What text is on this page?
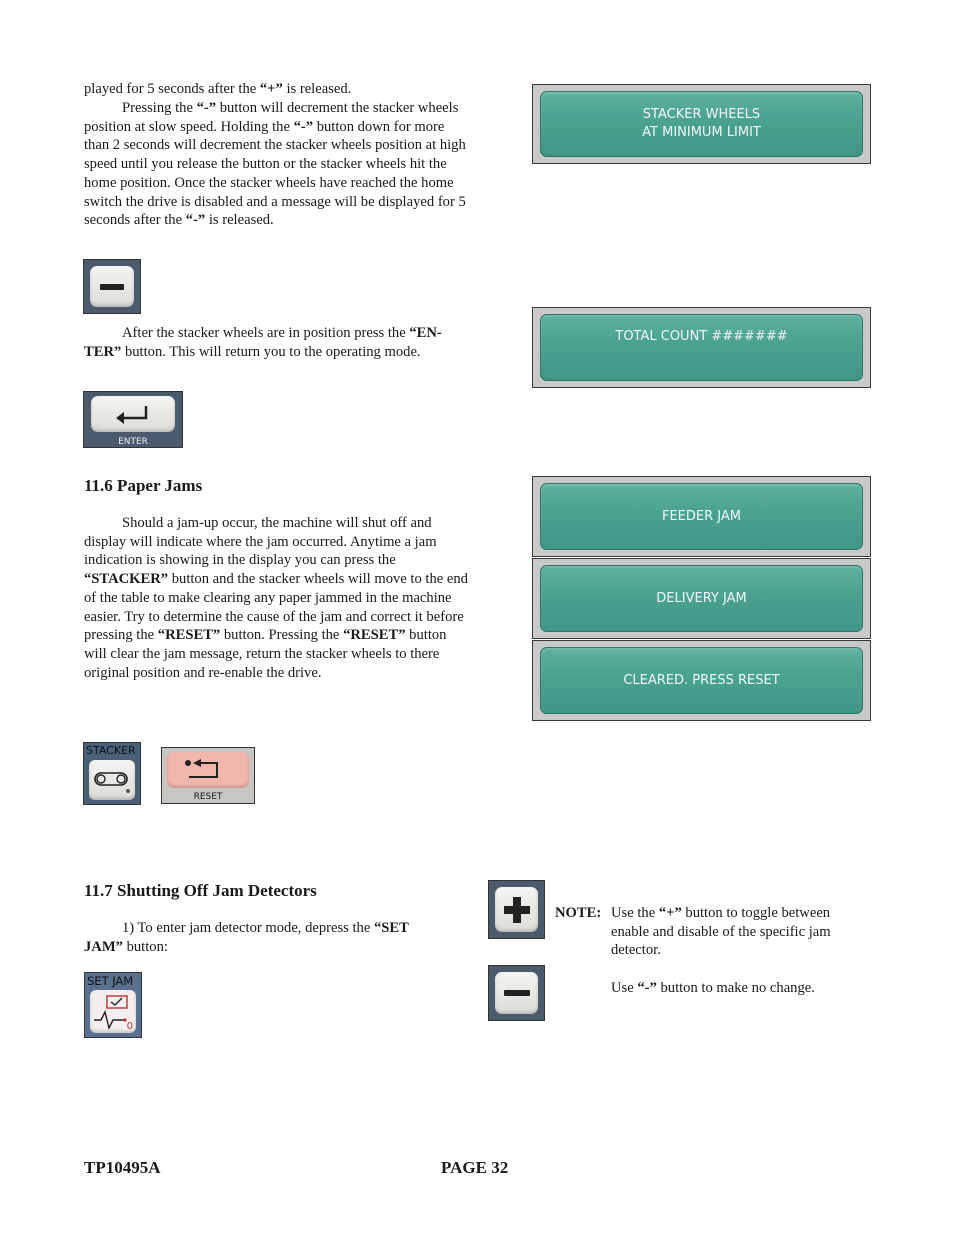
played for 5 seconds after the “+” is released.

Pressing the “-” button will decrement the stacker wheels position at slow speed. Holding the “-” button down for more than 2 seconds will decrement the stacker wheels position at high speed until you release the button or the stacker wheels hit the home position. Once the stacker wheels have reached the home switch the drive is disabled and a message will be displayed for 5 seconds after the “-” is released.

After the stacker wheels are in position press the “EN-TER” button. This will return you to the operating mode.

ENTER
11.6 Paper Jams

Should a jam-up occur, the machine will shut off and display will indicate where the jam occurred. Anytime a jam indication is showing in the display you can press the “STACKER” button and the stacker wheels will move to the end of the table to make clearing any paper jammed in the machine easier. Try to determine the cause of the jam and correct it before pressing the “RESET” button. Pressing the “RESET” button will clear the jam message, return the stacker wheels to there original position and re-enable the drive.

STACKER
RESET
11.7 Shutting Off Jam Detectors

1) To enter jam detector mode, depress the “SET JAM” button:

SET JAM
0
STACKER WHEELS
AT MINIMUM LIMIT
TOTAL COUNT #######
FEEDER JAM
DELIVERY JAM
CLEARED. PRESS RESET
NOTE: Use the “+” button to toggle between enable and disable of the specific jam detector.

Use “-” button to make no change.

TP10495A	PAGE 32
